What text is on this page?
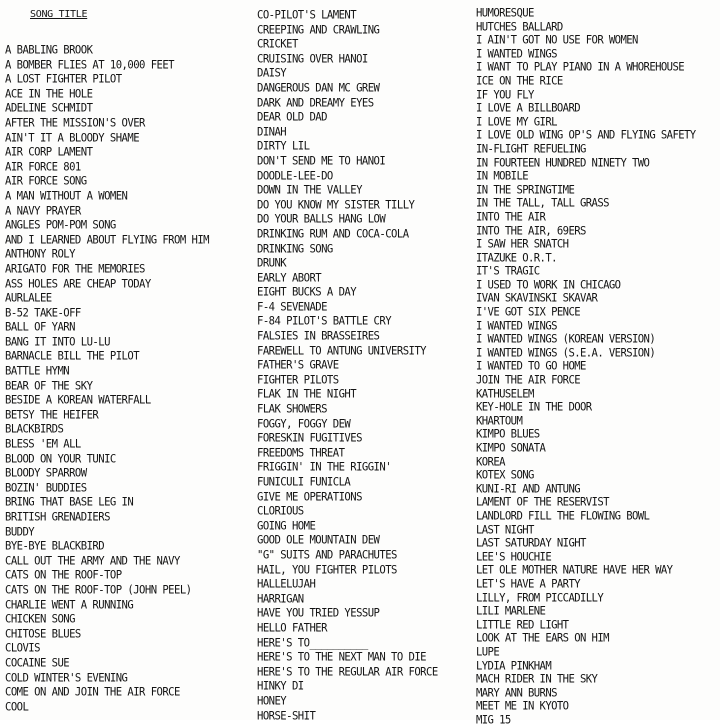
SONG TITLE
A BABLING BROOK
A BOMBER FLIES AT 10,000 FEET
A LOST FIGHTER PILOT
ACE IN THE HOLE
ADELINE SCHMIDT
AFTER THE MISSION'S OVER
AIN'T IT A BLOODY SHAME
AIR CORP LAMENT
AIR FORCE 801
AIR FORCE SONG
A MAN WITHOUT A WOMEN
A NAVY PRAYER
ANGLES POM-POM SONG
AND I LEARNED ABOUT FLYING FROM HIM
ANTHONY ROLY
ARIGATO FOR THE MEMORIES
ASS HOLES ARE CHEAP TODAY
AURLALEE
B-52 TAKE-OFF
BALL OF YARN
BANG IT INTO LU-LU
BARNACLE BILL THE PILOT
BATTLE HYMN
BEAR OF THE SKY
BESIDE A KOREAN WATERFALL
BETSY THE HEIFER
BLACKBIRDS
BLESS 'EM ALL
BLOOD ON YOUR TUNIC
BLOODY SPARROW
BOZIN' BUDDIES
BRING THAT BASE LEG IN
BRITISH GRENADIERS
BUDDY
BYE-BYE BLACKBIRD
CALL OUT THE ARMY AND THE NAVY
CATS ON THE ROOF-TOP
CATS ON THE ROOF-TOP (JOHN PEEL)
CHARLIE WENT A RUNNING
CHICKEN SONG
CHITOSE BLUES
CLOVIS
COCAINE SUE
COLD WINTER'S EVENING
COME ON AND JOIN THE AIR FORCE
COOL
CO-PILOT'S LAMENT
CREEPING AND CRAWLING
CRICKET
CRUISING OVER HANOI
DAISY
DANGEROUS DAN MC GREW
DARK AND DREAMY EYES
DEAR OLD DAD
DINAH
DIRTY LIL
DON'T SEND ME TO HANOI
DOODLE-LEE-DO
DOWN IN THE VALLEY
DO YOU KNOW MY SISTER TILLY
DO YOUR BALLS HANG LOW
DRINKING RUM AND COCA-COLA
DRINKING SONG
DRUNK
EARLY ABORT
EIGHT BUCKS A DAY
F-4 SEVENADE
F-84 PILOT'S BATTLE CRY
FALSIES IN BRASSEIRES
FAREWELL TO ANTUNG UNIVERSITY
FATHER'S GRAVE
FIGHTER PILOTS
FLAK IN THE NIGHT
FLAK SHOWERS
FOGGY, FOGGY DEW
FORESKIN FUGITIVES
FREEDOMS THREAT
FRIGGIN' IN THE RIGGIN'
FUNICULI FUNICLA
GIVE ME OPERATIONS
CLORIOUS
GOING HOME
GOOD OLE MOUNTAIN DEW
"G" SUITS AND PARACHUTES
HAIL, YOU FIGHTER PILOTS
HALLELUJAH
HARRIGAN
HAVE YOU TRIED YESSUP
HELLO FATHER
HERE'S TO__________
HERE'S TO THE NEXT MAN TO DIE
HERE'S TO THE REGULAR AIR FORCE
HINKY DI
HONEY
HORSE-SHIT
HUMORESQUE
HUTCHES BALLARD
I AIN'T GOT NO USE FOR WOMEN
I WANTED WINGS
I WANT TO PLAY PIANO IN A WHOREHOUSE
ICE ON THE RICE
IF YOU FLY
I LOVE A BILLBOARD
I LOVE MY GIRL
I LOVE OLD WING OP'S AND FLYING SAFETY
IN-FLIGHT REFUELING
IN FOURTEEN HUNDRED NINETY TWO
IN MOBILE
IN THE SPRINGTIME
IN THE TALL, TALL GRASS
INTO THE AIR
INTO THE AIR, 69ERS
I SAW HER SNATCH
ITAZUKE O.R.T.
IT'S TRAGIC
I USED TO WORK IN CHICAGO
IVAN SKAVINSKI SKAVAR
I'VE GOT SIX PENCE
I WANTED WINGS
I WANTED WINGS (KOREAN VERSION)
I WANTED WINGS (S.E.A. VERSION)
I WANTED TO GO HOME
JOIN THE AIR FORCE
KATHUSELEM
KEY-HOLE IN THE DOOR
KHARTOUM
KIMPO BLUES
KIMPO SONATA
KOREA
KOTEX SONG
KUNI-RI AND ANTUNG
LAMENT OF THE RESERVIST
LANDLORD FILL THE FLOWING BOWL
LAST NIGHT
LAST SATURDAY NIGHT
LEE'S HOUCHIE
LET OLE MOTHER NATURE HAVE HER WAY
LET'S HAVE A PARTY
LILLY, FROM PICCADILLY
LILI MARLENE
LITTLE RED LIGHT
LOOK AT THE EARS ON HIM
LUPE
LYDIA PINKHAM
MACH RIDER IN THE SKY
MARY ANN BURNS
MEET ME IN KYOTO
MIG 15
